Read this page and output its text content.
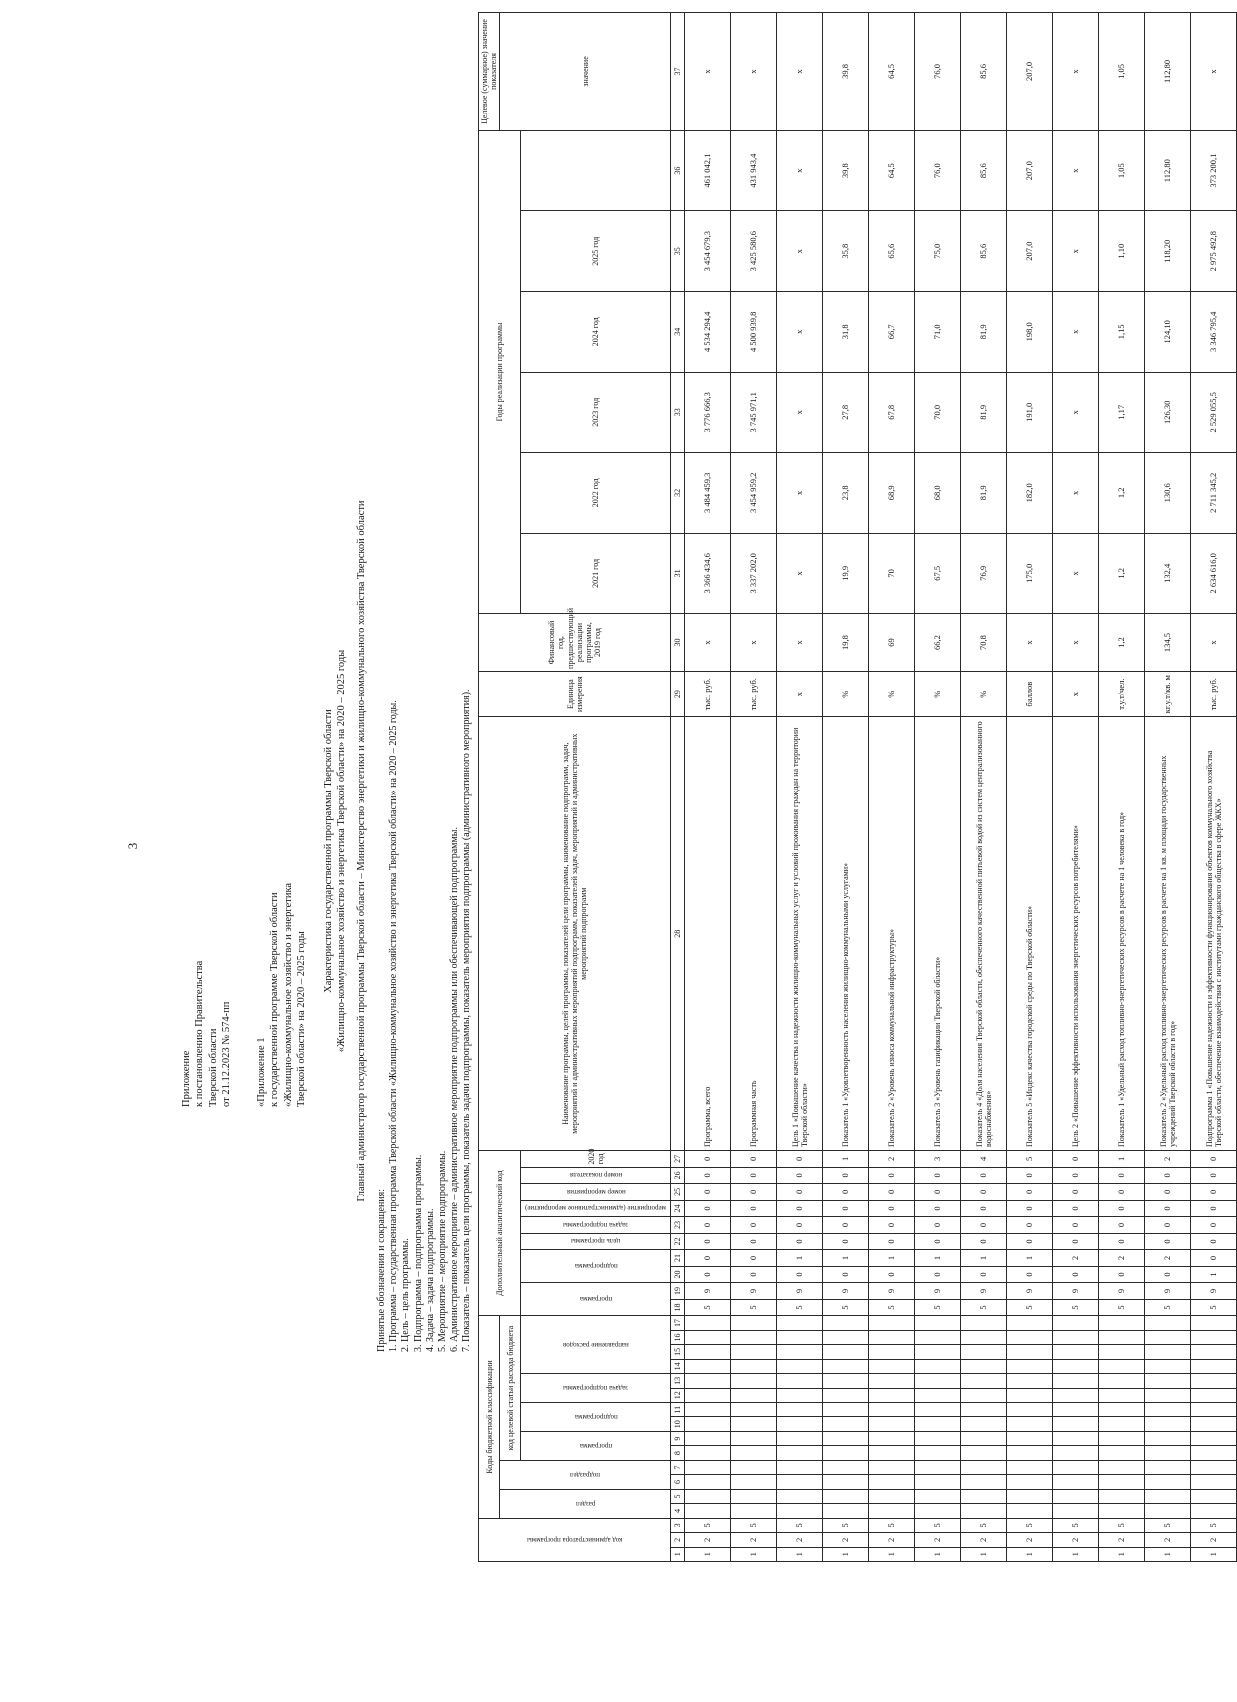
3
Приложение к постановлению Правительства Тверской области от 21.12.2023 № 574-пп «Приложение 1 к государственной программе Тверской области «Жилищно-коммунальное хозяйство и энергетика Тверской области» на 2020 – 2025 годы
Характеристика государственной программы Тверской области «Жилищно-коммунальное хозяйство и энергетика Тверской области» на 2020 – 2025 годы Главный администратор государственной программы Тверской области – Министерство энергетики и жилищно-коммунального хозяйства Тверской области
Принятые обозначения и сокращения: 1. Программа – государственная программа Тверской области «Жилищно-коммунальное хозяйство и энергетика Тверской области» на 2020 – 2025 годы. 2. Цель – цель программы. 3. Подпрограмма – подпрограмма программы. 4. Задача – задача подпрограммы. 5. Мероприятие – мероприятие подпрограммы. 6. Административное мероприятие – административное мероприятие подпрограммы или обеспечивающей подпрограммы. 7. Показатель – показатель цели программы, показатель задачи подпрограммы, показатель мероприятия подпрограммы (административного мероприятия).
код администратора программы			Коды бюджетной классификации														Дополнительный аналитический код										Наименование программы, целей программы, показателей цели программы, наименование подпрограмм, задач, мероприятий и административных мероприятий подпрограмм, показателей задач, мероприятий и административных мероприятий подпрограмм	Единица измерения	Финансовый год, предшествующий реализации программы, 2019 год	Годы реализации программы						Целевое (суммарное) значение показателя

			раздел		подраздел		код целевой статьи расхода бюджета																													значение

							программа		подпрограмма		задача подпрограммы		направление расходов				программа		подпрограмма		цель программы	задача подпрограммы	мероприятие (административное мероприятие)	номер мероприятия	номер показателя	2020 год				2021 год	2022 год	2023 год	2024 год	2025 год		
1	2	3	4	5	6	7	8	9	10	11	12	13	14	15	16	17	18	19	20	21	22	23	24	25	26	27	28	29	30	31	32	33	34	35	36	37
1	2	5															5	9	0	0	0	0	0	0	0	0	Программа, всего	тыс. руб.	х	3 366 434,6	3 484 459,3	3 776 666,3	4 534 294,4	3 454 679,3	461 042,1	х
1	2	5															5	9	0	0	0	0	0	0	0	0	Программная часть	тыс. руб.	х	3 337 202,0	3 454 959,2	3 745 971,1	4 500 939,8	3 425 580,6	431 943,4	х
1	2	5															5	9	0	1	0	0	0	0	0	0	Цель 1 «Повышение качества и надежности жилищно-коммунальных услуг и условий проживания граждан на территории Тверской области»	х	х	х	х	х	х	х	х	х
1	2	5															5	9	0	1	0	0	0	0	0	1	Показатель 1 «Удовлетворенность населения жилищно-коммунальными услугами»	%	19,8	19,9	23,8	27,8	31,8	35,8	39,8	39,8
1	2	5															5	9	0	1	0	0	0	0	0	2	Показатель 2 «Уровень износа коммунальной инфраструктуры»	%	69	70	68,9	67,8	66,7	65,6	64,5	64,5
1	2	5															5	9	0	1	0	0	0	0	0	3	Показатель 3 «Уровень газификации Тверской области»	%	66,2	67,5	68,0	70,0	71,0	75,0	76,0	76,0
1	2	5															5	9	0	1	0	0	0	0	0	4	Показатель 4 «Доля населения Тверской области, обеспеченного качественной питьевой водой из систем централизованного водоснабжения»	%	70,8	76,9	81,9	81,9	81,9	85,6	85,6	85,6
1	2	5															5	9	0	1	0	0	0	0	0	5	Показатель 5 «Индекс качества городской среды по Тверской области»	баллов	х	175,0	182,0	191,0	198,0	207,0	207,0	207,0
1	2	5															5	9	0	2	0	0	0	0	0	0	Цель 2 «Повышение эффективности использования энергетических ресурсов потребителями»	х	х	х	х	х	х	х	х	х
1	2	5															5	9	0	2	0	0	0	0	0	1	Показатель 1 «Удельный расход топливно-энергетических ресурсов в расчете на 1 человека в год»	т.у.т/чел.	1,2	1,2	1,2	1,17	1,15	1,10	1,05	1,05
1	2	5															5	9	0	2	0	0	0	0	0	2	Показатель 2 «Удельный расход топливно-энергетических ресурсов в расчете на 1 кв. м площади государственных учреждений Тверской области в год»	кг.у.т/кв. м	134,5	132,4	130,6	126,30	124,10	118,20	112,80	112,80
1	2	5															5	9	1	0	0	0	0	0	0	0	Подпрограмма 1 «Повышение надежности и эффективности функционирования объектов коммунального хозяйства Тверской области, обеспечение взаимодействия с институтами гражданского общества в сфере ЖКХ»	тыс. руб.	х	2 634 616,0	2 711 345,2	2 529 055,5	3 346 795,4	2 975 492,8	373 200,1	х
